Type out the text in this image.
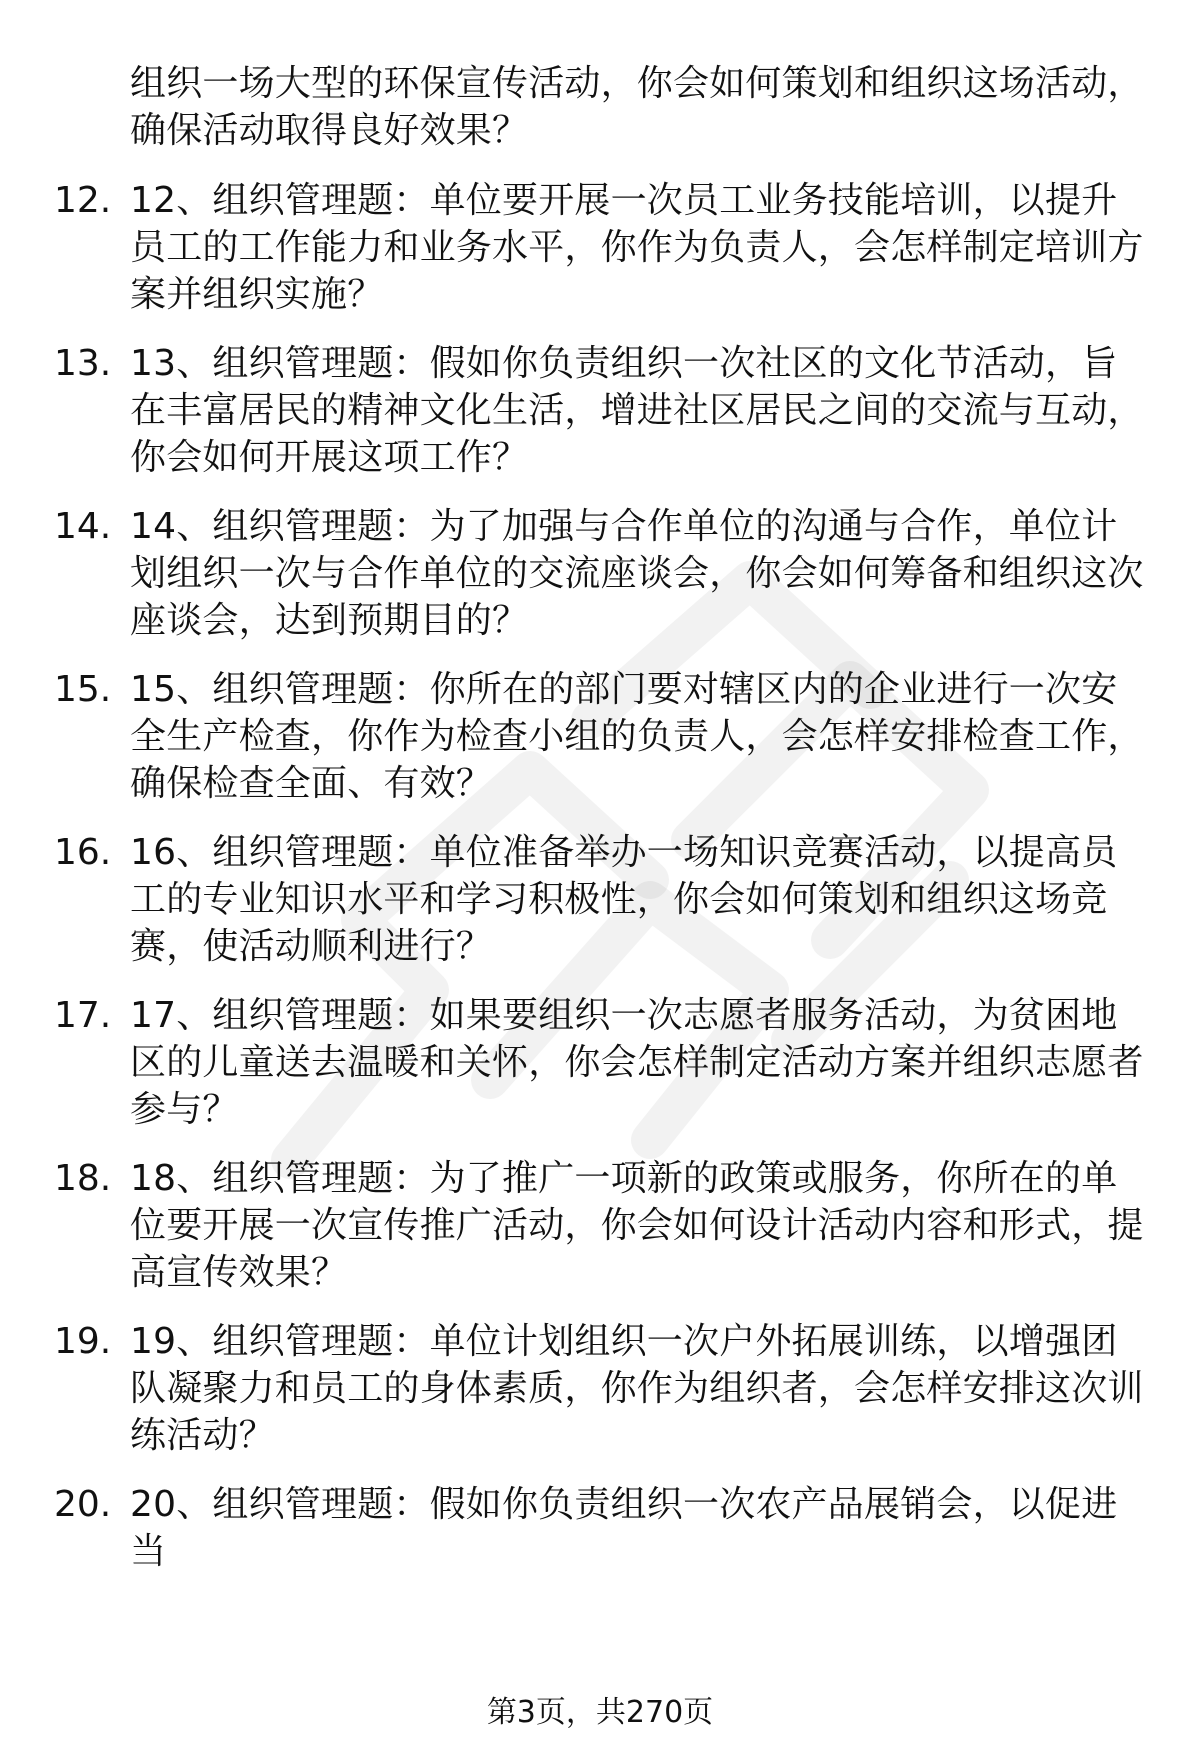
组织一场大型的环保宣传活动，你会如何策划和组织这场活动，确保活动取得良好效果？
12. 12、组织管理题：单位要开展一次员工业务技能培训，以提升员工的工作能力和业务水平，你作为负责人，会怎样制定培训方案并组织实施？
13. 13、组织管理题：假如你负责组织一次社区的文化节活动，旨在丰富居民的精神文化生活，增进社区居民之间的交流与互动，你会如何开展这项工作？
14. 14、组织管理题：为了加强与合作单位的沟通与合作，单位计划组织一次与合作单位的交流座谈会，你会如何筹备和组织这次座谈会，达到预期目的？
15. 15、组织管理题：你所在的部门要对辖区内的企业进行一次安全生产检查，你作为检查小组的负责人，会怎样安排检查工作，确保检查全面、有效？
16. 16、组织管理题：单位准备举办一场知识竞赛活动，以提高员工的专业知识水平和学习积极性，你会如何策划和组织这场竞赛，使活动顺利进行？
17. 17、组织管理题：如果要组织一次志愿者服务活动，为贫困地区的儿童送去温暖和关怀，你会怎样制定活动方案并组织志愿者参与？
18. 18、组织管理题：为了推广一项新的政策或服务，你所在的单位要开展一次宣传推广活动，你会如何设计活动内容和形式，提高宣传效果？
19. 19、组织管理题：单位计划组织一次户外拓展训练，以增强团队凝聚力和员工的身体素质，你作为组织者，会怎样安排这次训练活动？
20. 20、组织管理题：假如你负责组织一次农产品展销会，以促进当
第3页，共270页
